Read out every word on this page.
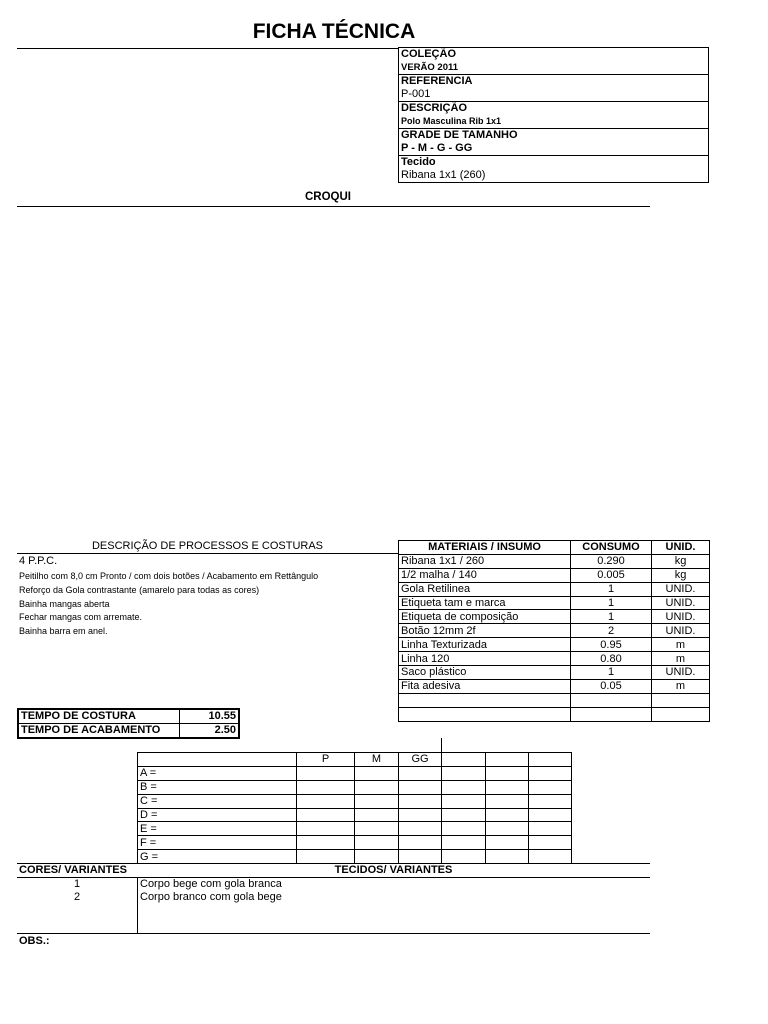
FICHA TÉCNICA
COLEÇÃO
VERÃO 2011

REFERENCIA
P-001

DESCRIÇÃO
Polo Masculina Rib 1x1

GRADE DE TAMANHO
P - M - G - GG

Tecido
Ribana 1x1 (260)
CROQUI
DESCRIÇÃO DE PROCESSOS E COSTURAS
4 P.P.C.
Peitilho com 8,0 cm Pronto / com dois botões / Acabamento em Rettângulo
Reforço da Gola contrastante (amarelo para todas as cores)
Bainha mangas aberta
Fechar mangas com arremate.
Bainha barra em anel.
MATERIAIS / INSUMO	CONSUMO	UNID.
Ribana 1x1 / 260	0.290	kg
1/2 malha / 140	0.005	kg
Gola Retilinea	1	UNID.
Etiqueta tam e marca	1	UNID.
Etiqueta de composição	1	UNID.
Botão 12mm 2f	2	UNID.
Linha Texturizada	0.95	m
Linha 120	0.80	m
Saco plástico	1	UNID.
Fita adesiva	0.05	m

TEMPO DE COSTURA	10.55
TEMPO DE ACABAMENTO	2.50
	P	M	GG			
A =						
B =						
C =						
D =						
E =						
F =						
G =						
CORES/ VARIANTES	TECIDOS/ VARIANTES
1	Corpo bege com gola branca
2	Corpo branco com gola bege
OBS.:
